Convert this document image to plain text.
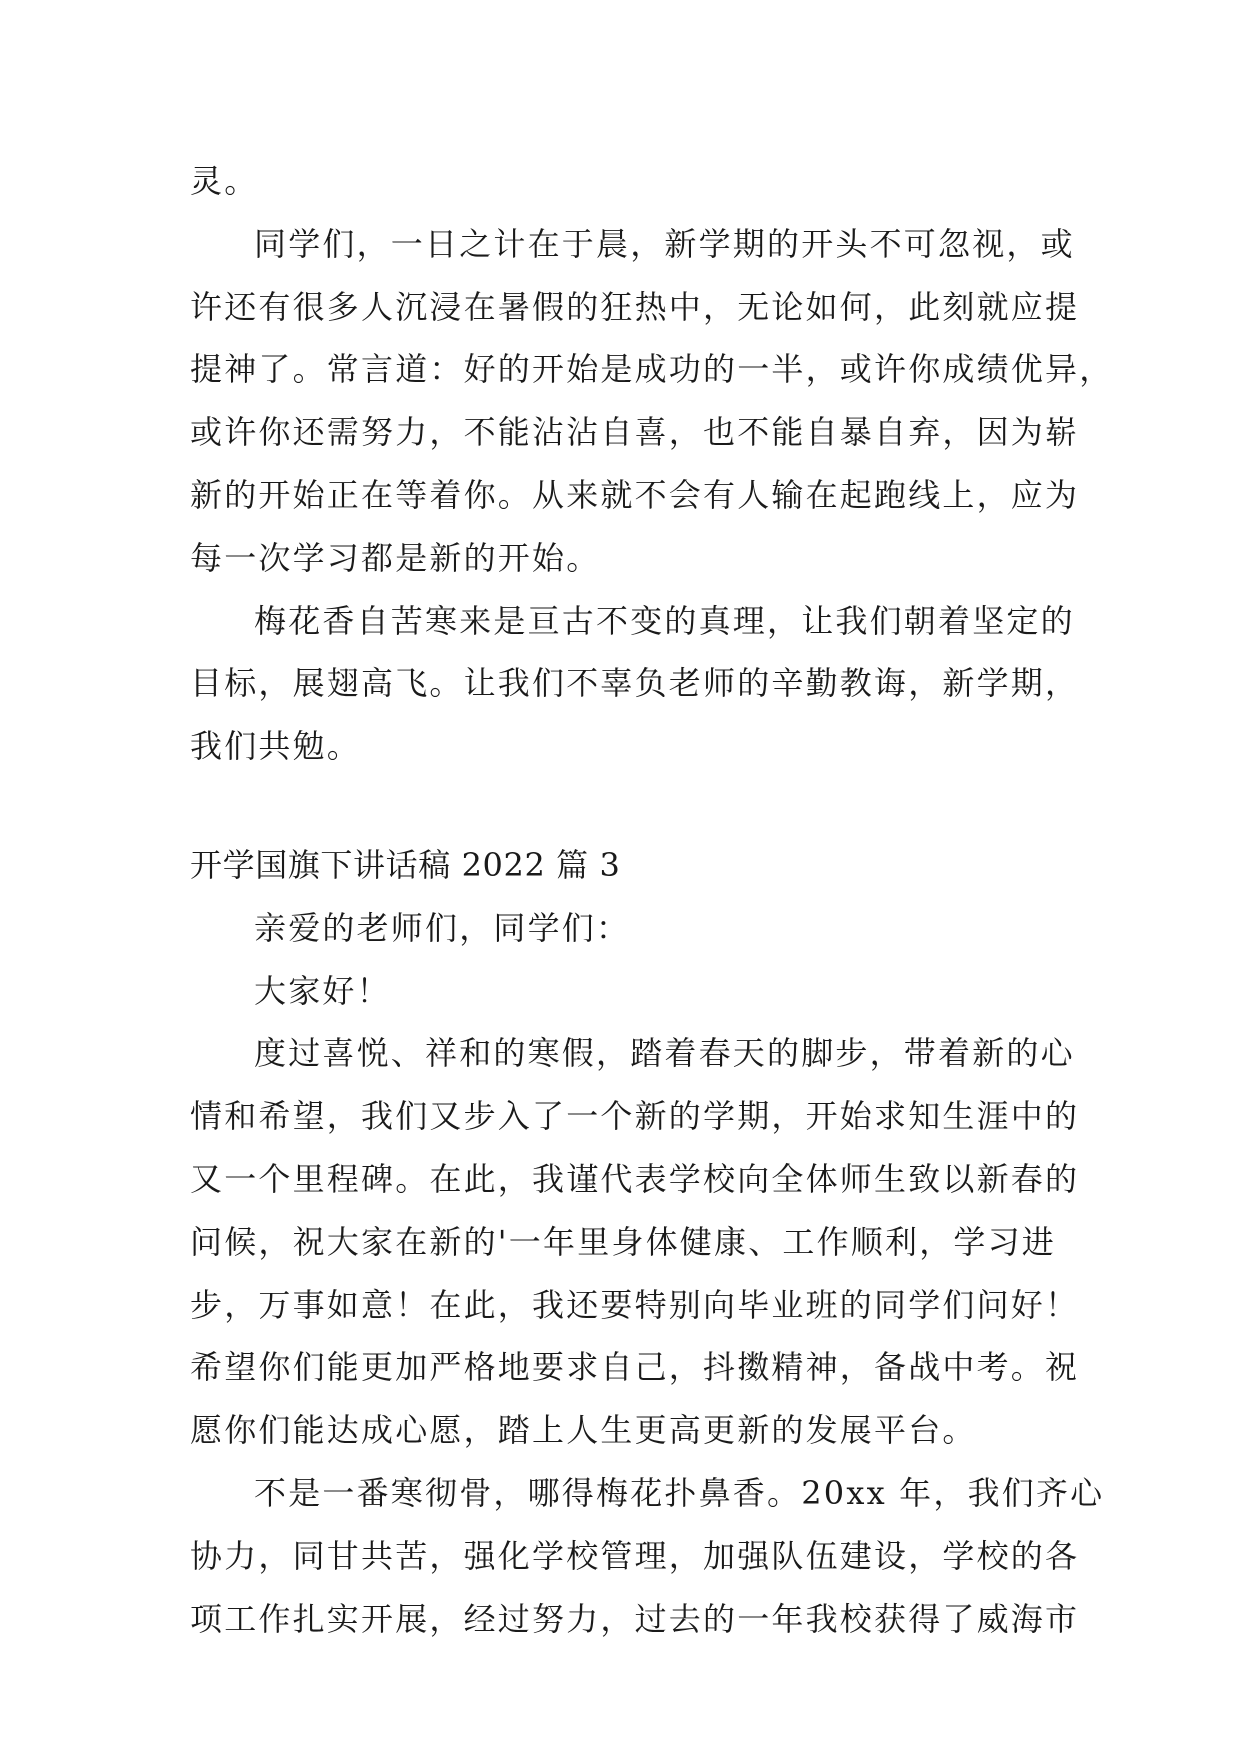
灵。

同学们，一日之计在于晨，新学期的开头不可忽视，或

许还有很多人沉浸在暑假的狂热中，无论如何，此刻就应提

提神了。常言道：好的开始是成功的一半，或许你成绩优异，

或许你还需努力，不能沾沾自喜，也不能自暴自弃，因为崭

新的开始正在等着你。从来就不会有人输在起跑线上，应为

每一次学习都是新的开始。

梅花香自苦寒来是亘古不变的真理，让我们朝着坚定的

目标，展翅高飞。让我们不辜负老师的辛勤教诲，新学期，

我们共勉。

开学国旗下讲话稿 2022 篇 3

亲爱的老师们，同学们：

大家好！

度过喜悦、祥和的寒假，踏着春天的脚步，带着新的心

情和希望，我们又步入了一个新的学期，开始求知生涯中的

又一个里程碑。在此，我谨代表学校向全体师生致以新春的

问候，祝大家在新的'一年里身体健康、工作顺利，学习进

步，万事如意！在此，我还要特别向毕业班的同学们问好！

希望你们能更加严格地要求自己，抖擞精神，备战中考。祝

愿你们能达成心愿，踏上人生更高更新的发展平台。

不是一番寒彻骨，哪得梅花扑鼻香。20xx 年，我们齐心

协力，同甘共苦，强化学校管理，加强队伍建设，学校的各

项工作扎实开展，经过努力，过去的一年我校获得了威海市
